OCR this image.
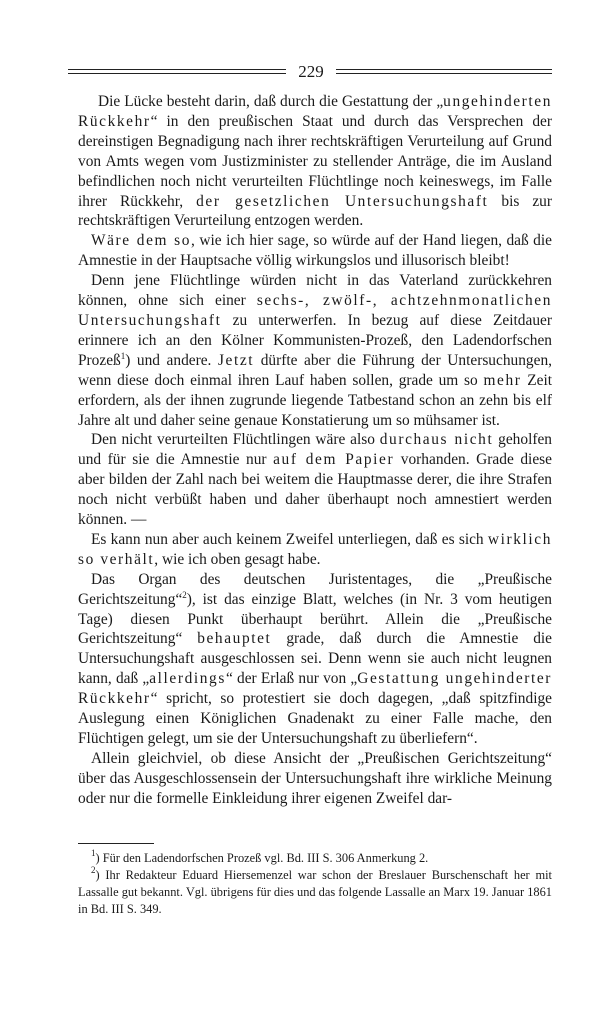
229

Die Lücke besteht darin, daß durch die Gestattung der „ungehinderten Rückkehr“ in den preußischen Staat und durch das Versprechen der dereinstigen Begnadigung nach ihrer rechtskräftigen Verurteilung auf Grund von Amts wegen vom Justizminister zu stellender Anträge, die im Ausland befindlichen noch nicht verurteilten Flüchtlinge noch keineswegs, im Falle ihrer Rückkehr, der gesetzlichen Untersuchungshaft bis zur rechtskräftigen Verurteilung entzogen werden.

Wäre dem so, wie ich hier sage, so würde auf der Hand liegen, daß die Amnestie in der Hauptsache völlig wirkungslos und illusorisch bleibt!

Denn jene Flüchtlinge würden nicht in das Vaterland zurückkehren können, ohne sich einer sechs-, zwölf-, achtzehnmonatlichen Untersuchungshaft zu unterwerfen. In bezug auf diese Zeitdauer erinnere ich an den Kölner Kommunisten-Prozeß, den Ladendorfschen Prozeß$^1$) und andere. Jetzt dürfte aber die Führung der Untersuchungen, wenn diese doch einmal ihren Lauf haben sollen, grade um so mehr Zeit erfordern, als der ihnen zugrunde liegende Tatbestand schon an zehn bis elf Jahre alt und daher seine genaue Konstatierung um so mühsamer ist.

Den nicht verurteilten Flüchtlingen wäre also durchaus nicht geholfen und für sie die Amnestie nur auf dem Papier vorhanden. Grade diese aber bilden der Zahl nach bei weitem die Hauptmasse derer, die ihre Strafen noch nicht verbüßt haben und daher überhaupt noch amnestiert werden können. —

Es kann nun aber auch keinem Zweifel unterliegen, daß es sich wirklich so verhält, wie ich oben gesagt habe.

Das Organ des deutschen Juristentages, die „Preußische Gerichtszeitung“$^2$), ist das einzige Blatt, welches (in Nr. 3 vom heutigen Tage) diesen Punkt überhaupt berührt. Allein die „Preußische Gerichtszeitung“ behauptet grade, daß durch die Amnestie die Untersuchungshaft ausgeschlossen sei. Denn wenn sie auch nicht leugnen kann, daß „allerdings“ der Erlaß nur von „Gestattung ungehinderter Rückkehr“ spricht, so protestiert sie doch dagegen, „daß spitzfindige Auslegung einen Königlichen Gnadenakt zu einer Falle mache, den Flüchtigen gelegt, um sie der Untersuchungshaft zu überliefern“.

Allein gleichviel, ob diese Ansicht der „Preußischen Gerichtszeitung“ über das Ausgeschlossensein der Untersuchungshaft ihre wirkliche Meinung oder nur die formelle Einkleidung ihrer eigenen Zweifel dar-

$^1$) Für den Ladendorfschen Prozeß vgl. Bd. III S. 306 Anmerkung 2.

$^2$) Ihr Redakteur Eduard Hiersemenzel war schon der Breslauer Burschenschaft her mit Lassalle gut bekannt. Vgl. übrigens für dies und das folgende Lassalle an Marx 19. Januar 1861 in Bd. III S. 349.
